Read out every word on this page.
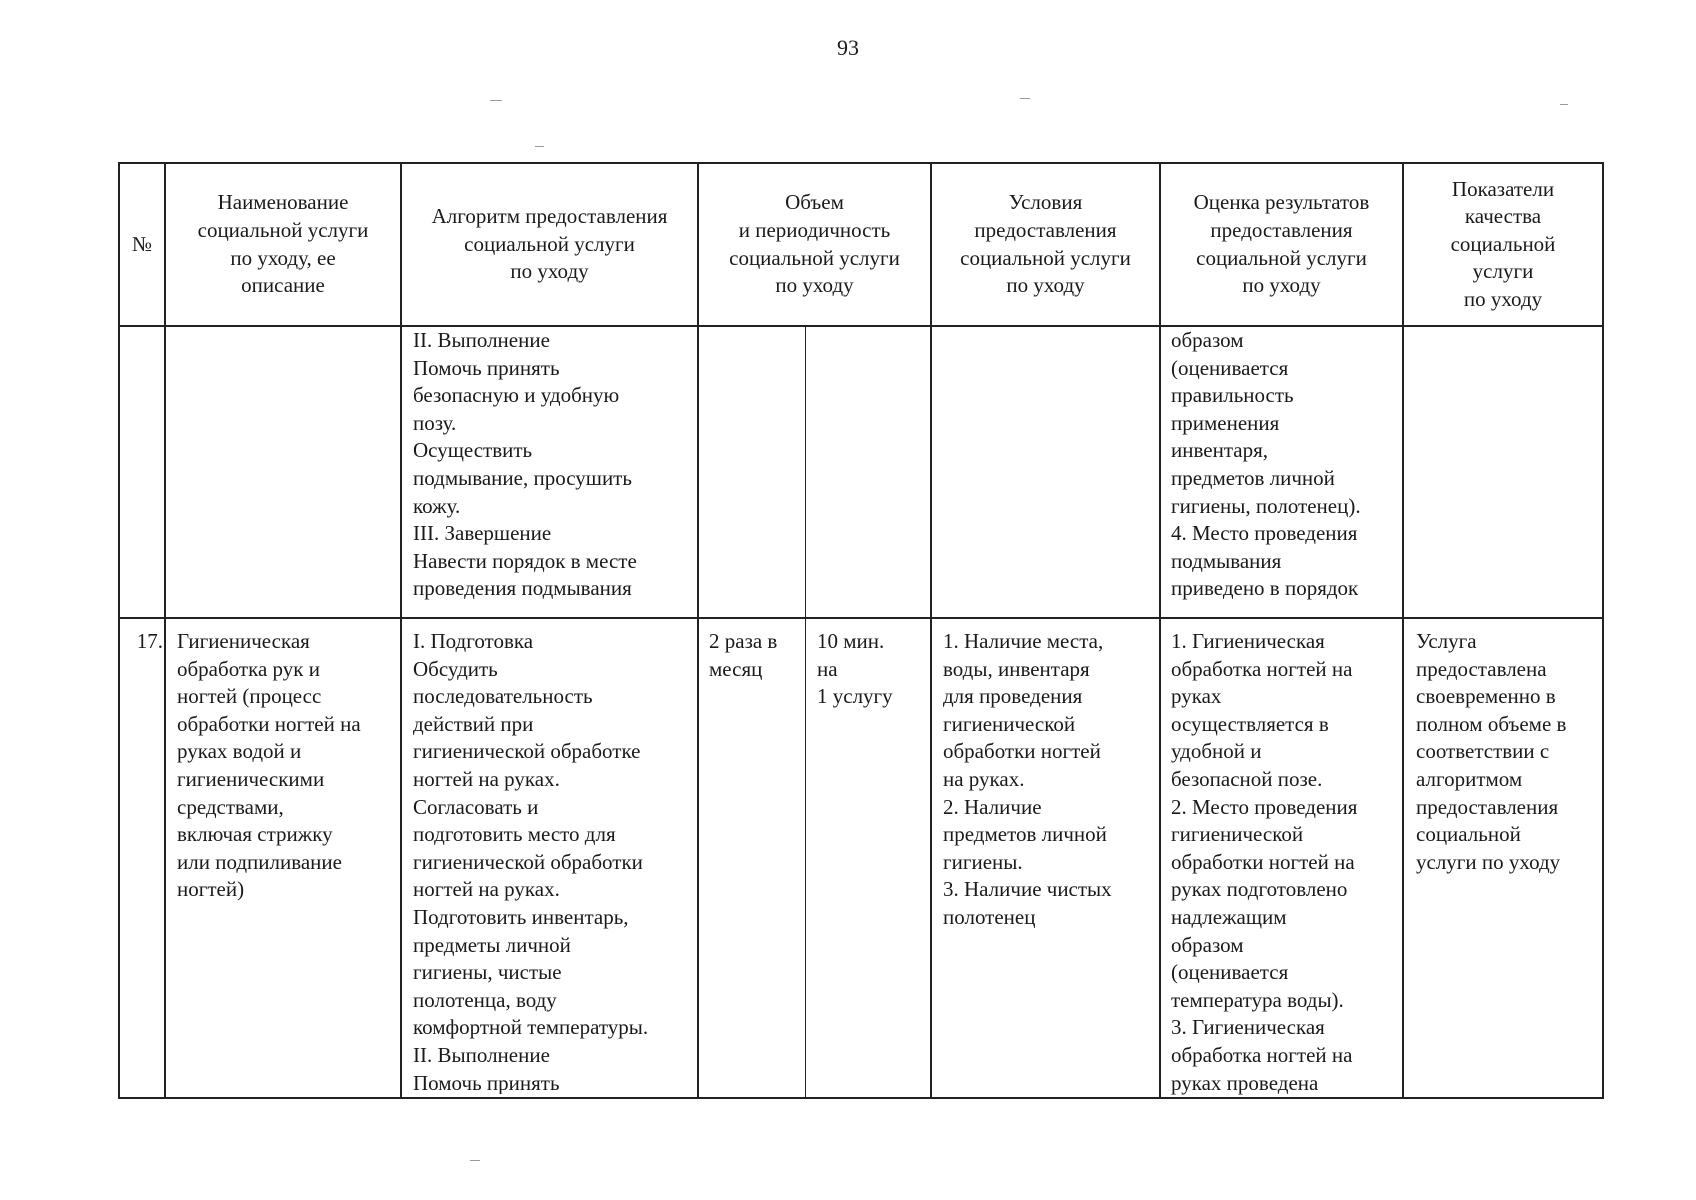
93
№
Наименование
социальной услуги
по уходу, ее
описание
Алгоритм предоставления
социальной услуги
по уходу
Объем
и периодичность
социальной услуги
по уходу
Условия
предоставления
социальной услуги
по уходу
Оценка результатов
предоставления
социальной услуги
по уходу
Показатели
качества
социальной
услуги
по уходу
II. Выполнение
Помочь принять
безопасную и удобную
позу.
Осуществить
подмывание, просушить
кожу.
III. Завершение
Навести порядок в месте
проведения подмывания
образом
(оценивается
правильность
применения
инвентаря,
предметов личной
гигиены, полотенец).
4. Место проведения
подмывания
приведено в порядок
17. Гигиеническая
обработка рук и
ногтей (процесс
обработки ногтей на
руках водой и
гигиеническими
средствами,
включая стрижку
или подпиливание
ногтей)
I. Подготовка
Обсудить
последовательность
действий при
гигиенической обработке
ногтей на руках.
Согласовать и
подготовить место для
гигиенической обработки
ногтей на руках.
Подготовить инвентарь,
предметы личной
гигиены, чистые
полотенца, воду
комфортной температуры.
II. Выполнение
Помочь принять
2 раза в
месяц
10 мин.
на
1 услугу
1. Наличие места,
воды, инвентаря
для проведения
гигиенической
обработки ногтей
на руках.
2. Наличие
предметов личной
гигиены.
3. Наличие чистых
полотенец
1. Гигиеническая
обработка ногтей на
руках
осуществляется в
удобной и
безопасной позе.
2. Место проведения
гигиенической
обработки ногтей на
руках подготовлено
надлежащим
образом
(оценивается
температура воды).
3. Гигиеническая
обработка ногтей на
руках проведена
Услуга
предоставлена
своевременно в
полном объеме в
соответствии с
алгоритмом
предоставления
социальной
услуги по уходу
